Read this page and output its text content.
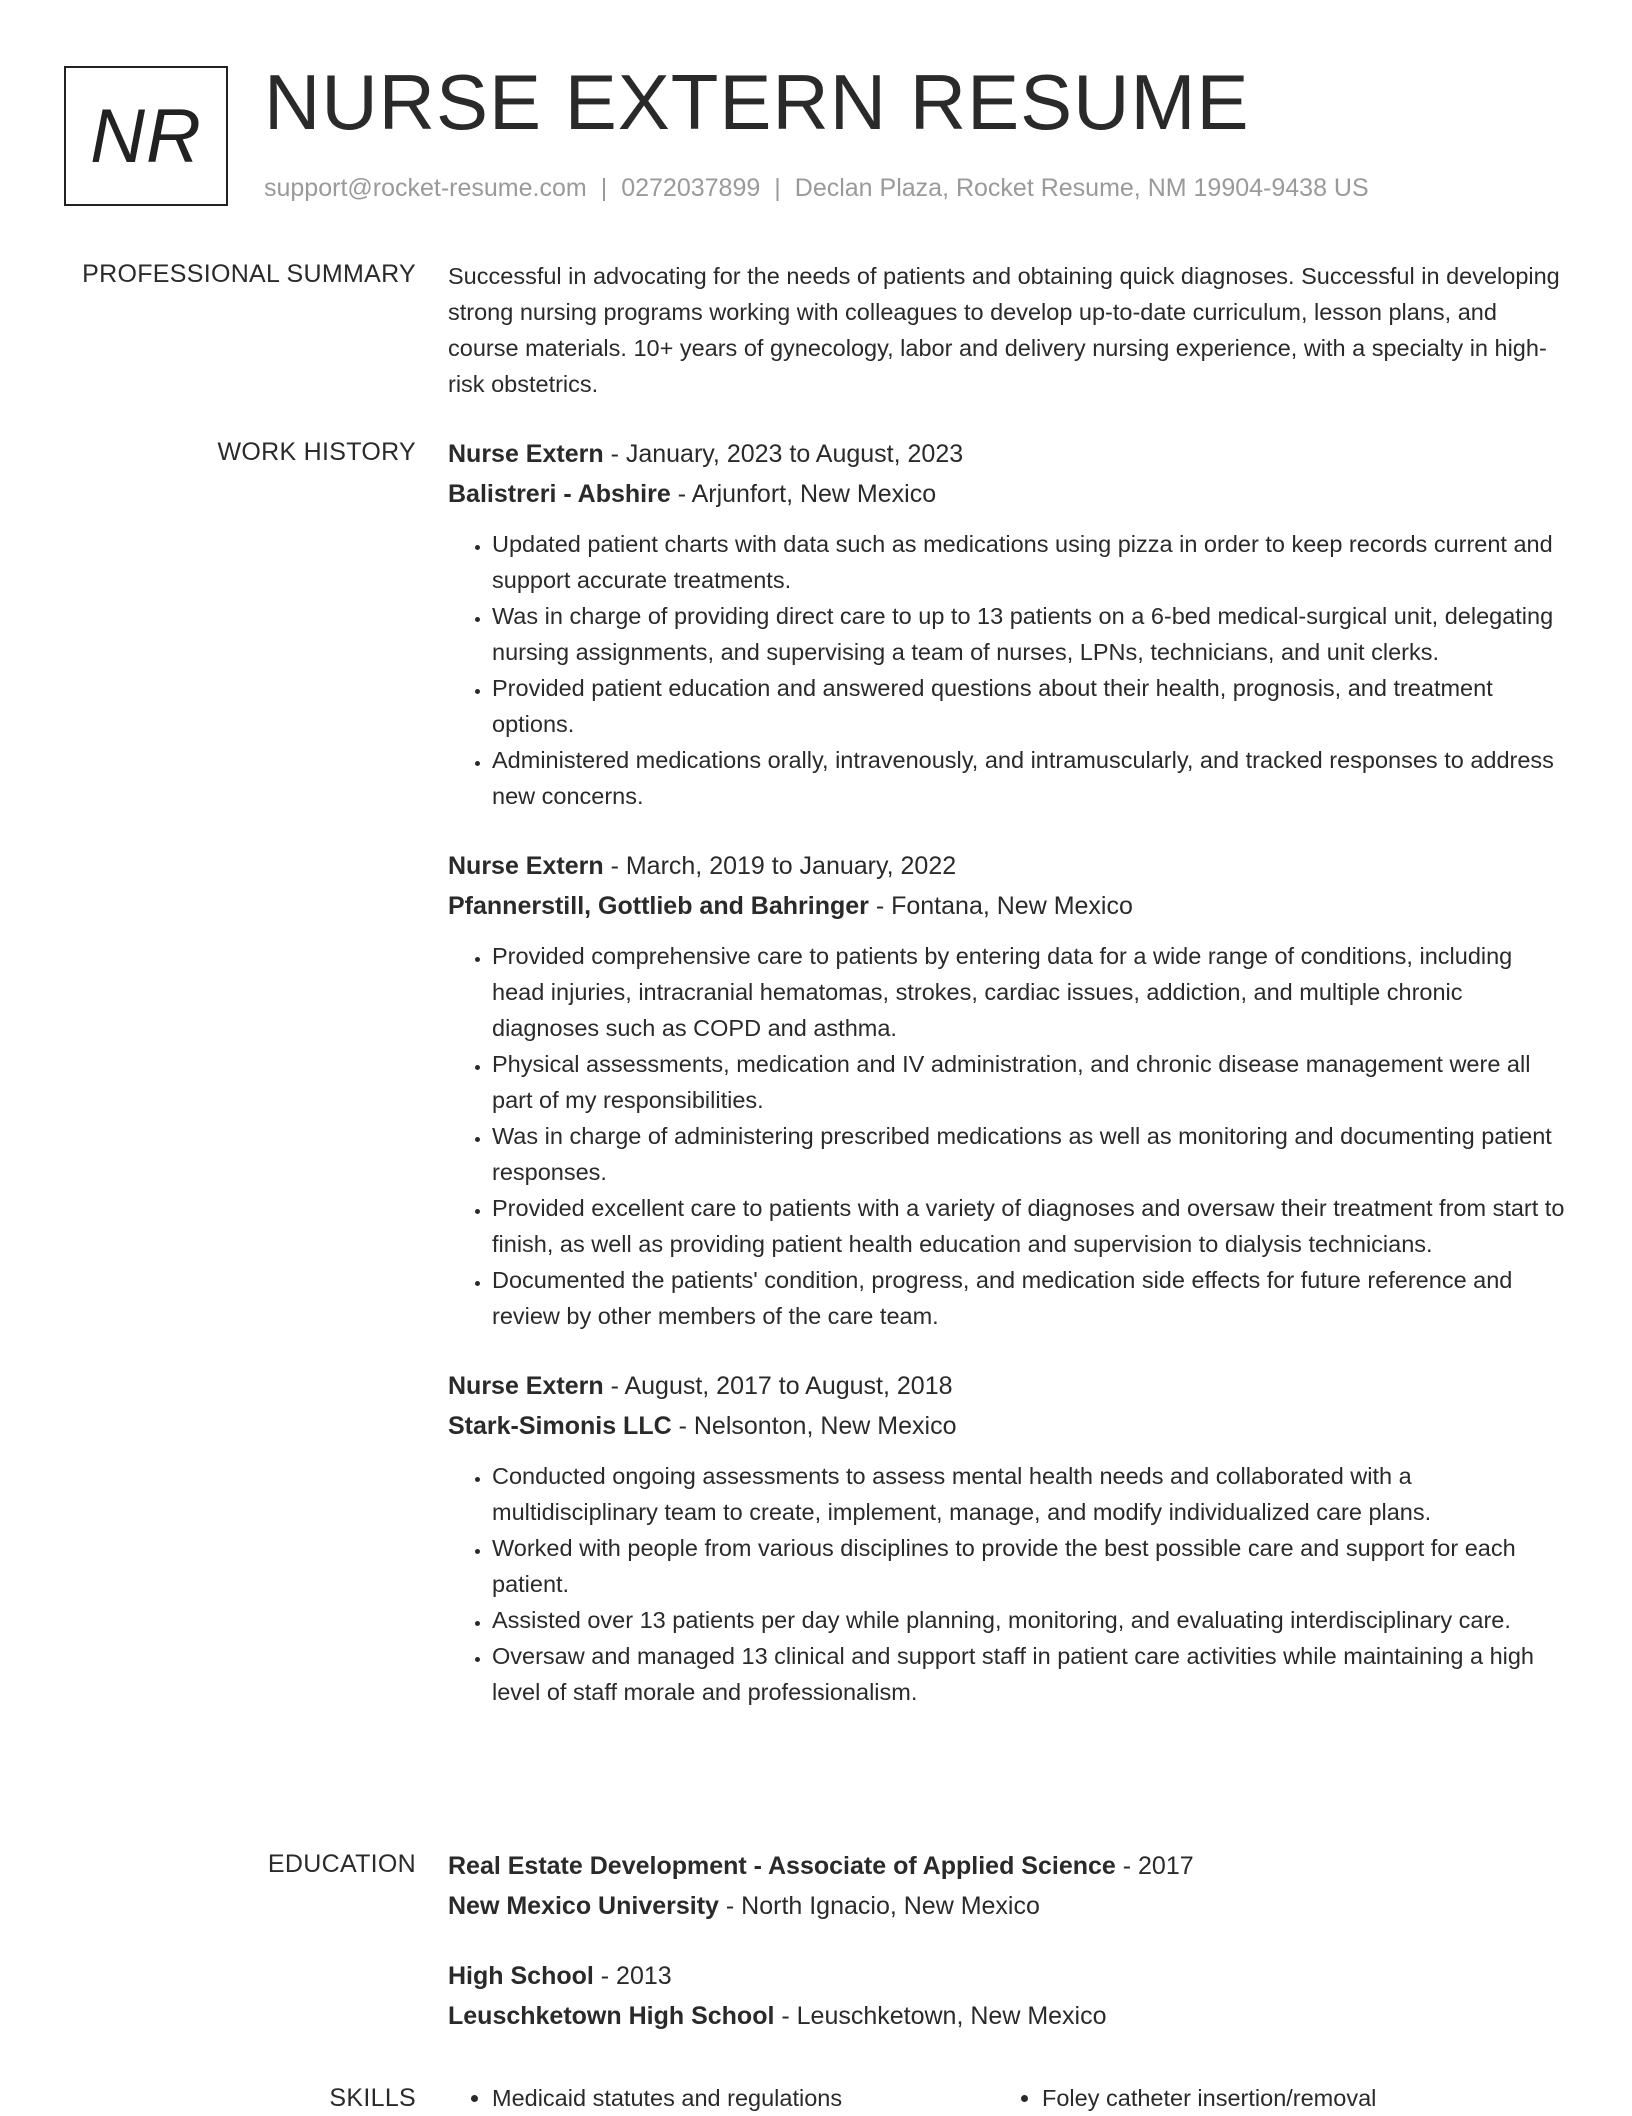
NR NURSE EXTERN RESUME
support@rocket-resume.com | 0272037899 | Declan Plaza, Rocket Resume, NM 19904-9438 US
PROFESSIONAL SUMMARY Successful in advocating for the needs of patients and obtaining quick diagnoses. Successful in developing strong nursing programs working with colleagues to develop up-to-date curriculum, lesson plans, and course materials. 10+ years of gynecology, labor and delivery nursing experience, with a specialty in high-risk obstetrics.

WORK HISTORY Nurse Extern - January, 2023 to August, 2023
Balistreri - Abshire - Arjunfort, New Mexico
• Updated patient charts with data such as medications using pizza in order to keep records current and support accurate treatments.
• Was in charge of providing direct care to up to 13 patients on a 6-bed medical-surgical unit, delegating nursing assignments, and supervising a team of nurses, LPNs, technicians, and unit clerks.
• Provided patient education and answered questions about their health, prognosis, and treatment options.
• Administered medications orally, intravenously, and intramuscularly, and tracked responses to address new concerns.
Nurse Extern - March, 2019 to January, 2022
Pfannerstill, Gottlieb and Bahringer - Fontana, New Mexico
• Provided comprehensive care to patients by entering data for a wide range of conditions, including head injuries, intracranial hematomas, strokes, cardiac issues, addiction, and multiple chronic diagnoses such as COPD and asthma.
• Physical assessments, medication and IV administration, and chronic disease management were all part of my responsibilities.
• Was in charge of administering prescribed medications as well as monitoring and documenting patient responses.
• Provided excellent care to patients with a variety of diagnoses and oversaw their treatment from start to finish, as well as providing patient health education and supervision to dialysis technicians.
• Documented the patients' condition, progress, and medication side effects for future reference and review by other members of the care team.
Nurse Extern - August, 2017 to August, 2018
Stark-Simonis LLC - Nelsonton, New Mexico
• Conducted ongoing assessments to assess mental health needs and collaborated with a multidisciplinary team to create, implement, manage, and modify individualized care plans.
• Worked with people from various disciplines to provide the best possible care and support for each patient.
• Assisted over 13 patients per day while planning, monitoring, and evaluating interdisciplinary care.
• Oversaw and managed 13 clinical and support staff in patient care activities while maintaining a high level of staff morale and professionalism.
EDUCATION Real Estate Development - Associate of Applied Science - 2017
New Mexico University - North Ignacio, New Mexico
High School - 2013
Leuschketown High School - Leuschketown, New Mexico
SKILLS	• Medicaid statutes and regulations	• Foley catheter insertion/removal
